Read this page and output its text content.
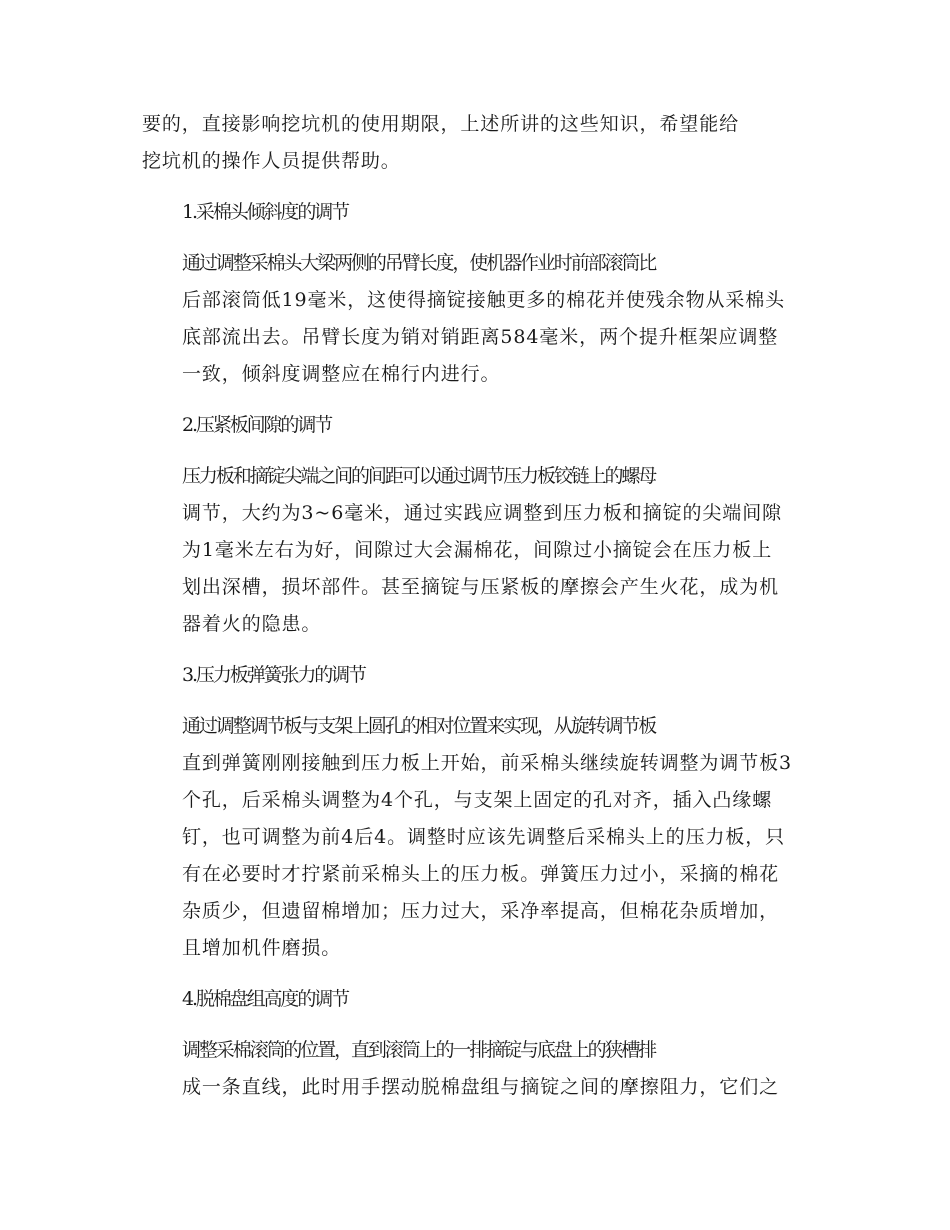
要的，直接影响挖坑机的使用期限，上述所讲的这些知识，希望能给
挖坑机的操作人员提供帮助。
1.采棉头倾斜度的调节
通过调整采棉头大梁两侧的吊臂长度，使机器作业时前部滚筒比
后部滚筒低19毫米，这使得摘锭接触更多的棉花并使残余物从采棉头
底部流出去。吊臂长度为销对销距离584毫米，两个提升框架应调整
一致，倾斜度调整应在棉行内进行。
2.压紧板间隙的调节
压力板和摘锭尖端之间的间距可以通过调节压力板铰链上的螺母
调节，大约为3~6毫米，通过实践应调整到压力板和摘锭的尖端间隙
为1毫米左右为好，间隙过大会漏棉花，间隙过小摘锭会在压力板上
划出深槽，损坏部件。甚至摘锭与压紧板的摩擦会产生火花，成为机
器着火的隐患。
3.压力板弹簧张力的调节
通过调整调节板与支架上圆孔的相对位置来实现，从旋转调节板
直到弹簧刚刚接触到压力板上开始，前采棉头继续旋转调整为调节板3
个孔，后采棉头调整为4个孔，与支架上固定的孔对齐，插入凸缘螺
钉，也可调整为前4后4。调整时应该先调整后采棉头上的压力板，只
有在必要时才拧紧前采棉头上的压力板。弹簧压力过小，采摘的棉花
杂质少，但遗留棉增加；压力过大，采净率提高，但棉花杂质增加，
且增加机件磨损。
4.脱棉盘组高度的调节
调整采棉滚筒的位置，直到滚筒上的一排摘锭与底盘上的狭槽排
成一条直线，此时用手摆动脱棉盘组与摘锭之间的摩擦阻力，它们之
